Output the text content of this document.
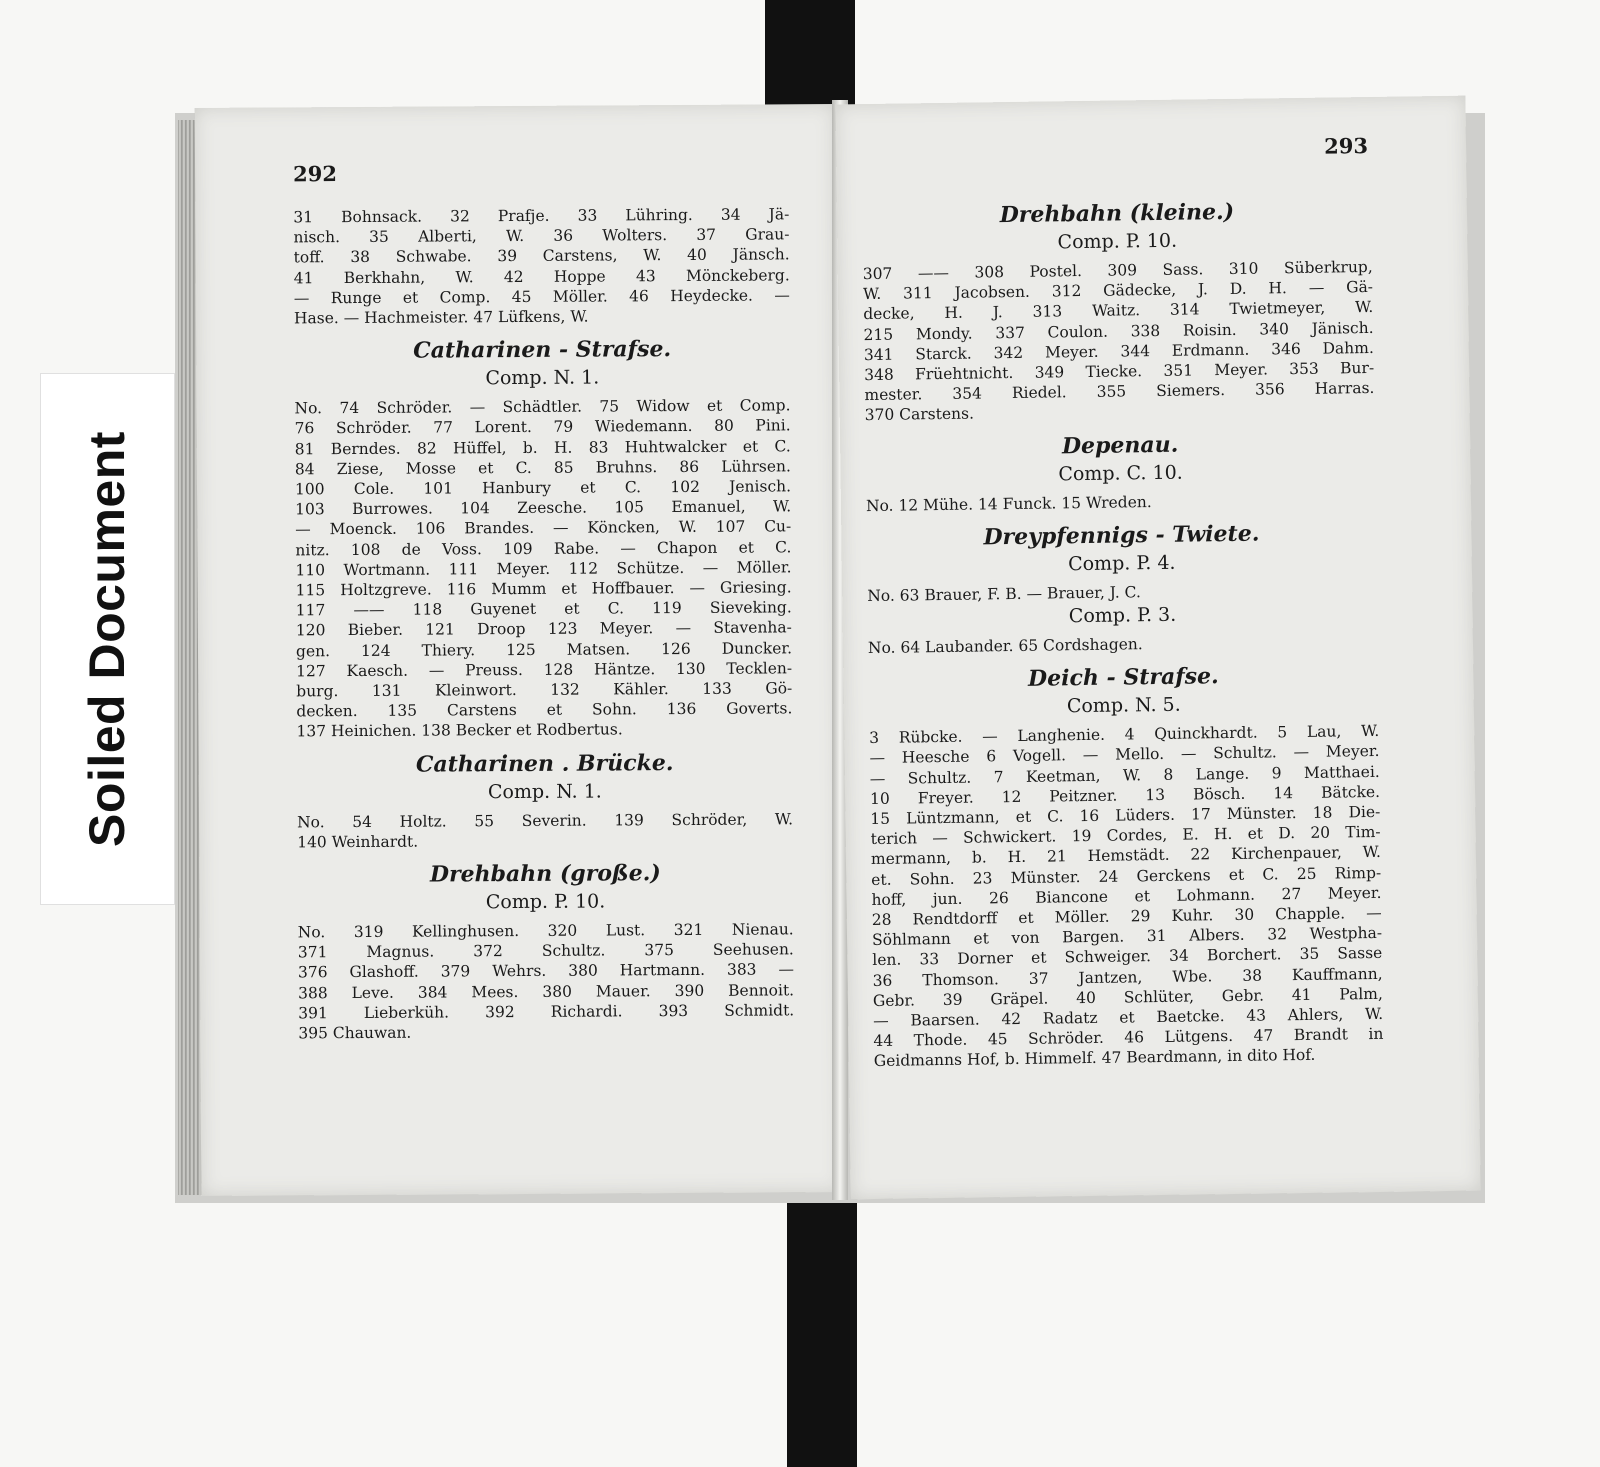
Soiled Document
292
31 Bohnsack. 32 Prafje. 33 Lühring. 34 Jä-
nisch. 35 Alberti, W. 36 Wolters. 37 Grau-
toff. 38 Schwabe. 39 Carstens, W. 40 Jänsch.
41 Berkhahn, W. 42 Hoppe 43 Mönckeberg.
— Runge et Comp. 45 Möller. 46 Heydecke. —
Hase. — Hachmeister. 47 Lüfkens, W.
Catharinen - Strafse.
Comp. N. 1.
No. 74 Schröder. — Schädtler. 75 Widow et Comp.
76 Schröder. 77 Lorent. 79 Wiedemann. 80 Pini.
81 Berndes. 82 Hüffel, b. H. 83 Huhtwalcker et C.
84 Ziese, Mosse et C. 85 Bruhns. 86 Lührsen.
100 Cole. 101 Hanbury et C. 102 Jenisch.
103 Burrowes. 104 Zeesche. 105 Emanuel, W.
— Moenck. 106 Brandes. — Köncken, W. 107 Cu-
nitz. 108 de Voss. 109 Rabe. — Chapon et C.
110 Wortmann. 111 Meyer. 112 Schütze. — Möller.
115 Holtzgreve. 116 Mumm et Hoffbauer. — Griesing.
117 —— 118 Guyenet et C. 119 Sieveking.
120 Bieber. 121 Droop 123 Meyer. — Stavenha-
gen. 124 Thiery. 125 Matsen. 126 Duncker.
127 Kaesch. — Preuss. 128 Häntze. 130 Tecklen-
burg. 131 Kleinwort. 132 Kähler. 133 Gö-
decken. 135 Carstens et Sohn. 136 Goverts.
137 Heinichen. 138 Becker et Rodbertus.
Catharinen . Brücke.
Comp. N. 1.
No. 54 Holtz. 55 Severin. 139 Schröder, W.
140 Weinhardt.
Drehbahn (große.)
Comp. P. 10.
No. 319 Kellinghusen. 320 Lust. 321 Nienau.
371 Magnus. 372 Schultz. 375 Seehusen.
376 Glashoff. 379 Wehrs. 380 Hartmann. 383 —
388 Leve. 384 Mees. 380 Mauer. 390 Bennoit.
391 Lieberküh. 392 Richardi. 393 Schmidt.
395 Chauwan.
293
Drehbahn (kleine.)
Comp. P. 10.
307 —— 308 Postel. 309 Sass. 310 Süberkrup,
W. 311 Jacobsen. 312 Gädecke, J. D. H. — Gä-
decke, H. J. 313 Waitz. 314 Twietmeyer, W.
215 Mondy. 337 Coulon. 338 Roisin. 340 Jänisch.
341 Starck. 342 Meyer. 344 Erdmann. 346 Dahm.
348 Früehtnicht. 349 Tiecke. 351 Meyer. 353 Bur-
mester. 354 Riedel. 355 Siemers. 356 Harras.
370 Carstens.
Depenau.
Comp. C. 10.
No. 12 Mühe. 14 Funck. 15 Wreden.
Dreypfennigs - Twiete.
Comp. P. 4.
No. 63 Brauer, F. B. — Brauer, J. C.
Comp. P. 3.
No. 64 Laubander. 65 Cordshagen.
Deich - Strafse.
Comp. N. 5.
3 Rübcke. — Langhenie. 4 Quinckhardt. 5 Lau, W.
— Heesche 6 Vogell. — Mello. — Schultz. — Meyer.
— Schultz. 7 Keetman, W. 8 Lange. 9 Matthaei.
10 Freyer. 12 Peitzner. 13 Bösch. 14 Bätcke.
15 Lüntzmann, et C. 16 Lüders. 17 Münster. 18 Die-
terich — Schwickert. 19 Cordes, E. H. et D. 20 Tim-
mermann, b. H. 21 Hemstädt. 22 Kirchenpauer, W.
et. Sohn. 23 Münster. 24 Gerckens et C. 25 Rimp-
hoff, jun. 26 Biancone et Lohmann. 27 Meyer.
28 Rendtdorff et Möller. 29 Kuhr. 30 Chapple. —
Söhlmann et von Bargen. 31 Albers. 32 Westpha-
len. 33 Dorner et Schweiger. 34 Borchert. 35 Sasse
36 Thomson. 37 Jantzen, Wbe. 38 Kauffmann,
Gebr. 39 Gräpel. 40 Schlüter, Gebr. 41 Palm,
— Baarsen. 42 Radatz et Baetcke. 43 Ahlers, W.
44 Thode. 45 Schröder. 46 Lütgens. 47 Brandt in
Geidmanns Hof, b. Himmelf. 47 Beardmann, in dito Hof.
